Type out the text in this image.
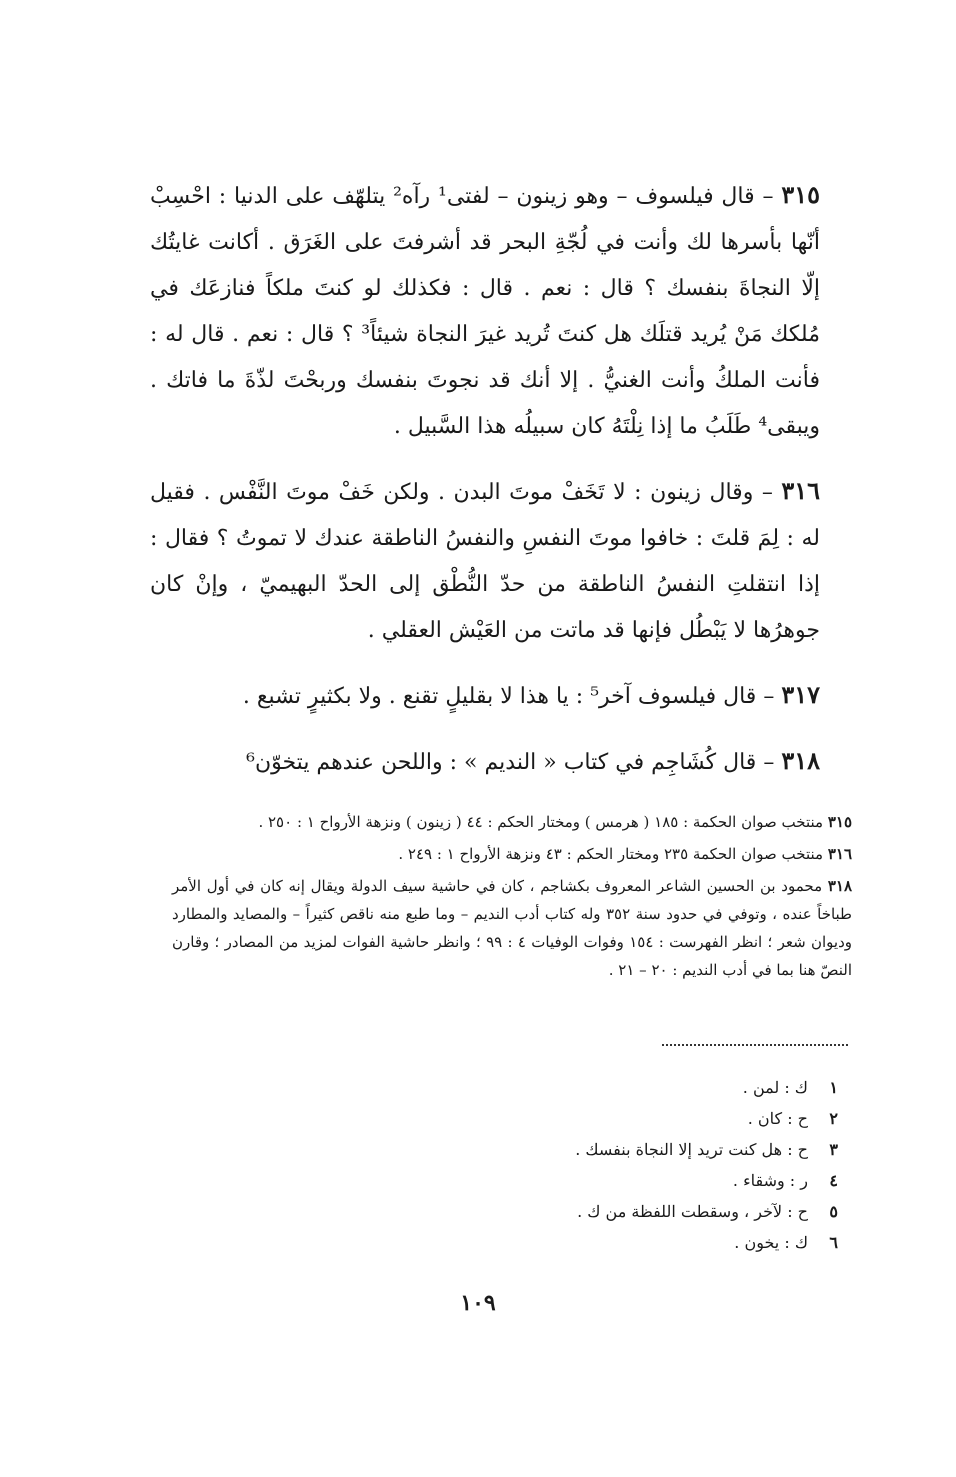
٣١٥ – قال فيلسوف – وهو زينون – لفتى¹ رآه² يتلهّف على الدنيا : احْسِبْ أنّها بأسرها لك وأنت في لُجّةِ البحر قد أشرفتَ على الغَرَق . أكانت غايتُك إلّا النجاةَ بنفسك ؟ قال : نعم . قال : فكذلك لو كنتَ ملكاً فنازعَك في مُلكك مَنْ يُريد قتلَك هل كنتَ تُريد غيرَ النجاة شيئاً³ ؟ قال : نعم . قال له : فأنت الملكُ وأنت الغنيُّ . إلا أنك قد نجوتَ بنفسك وربحْتَ لذّةَ ما فاتك . ويبقى⁴ طَلَبُ ما إذا نِلْتَهُ كان سبيلُه هذا السَّبيل .

٣١٦ – وقال زينون : لا تَخَفْ موتَ البدن . ولكن خَفْ موتَ النَّفْس . فقيل له : لِمَ قلتَ : خافوا موتَ النفسِ والنفسُ الناطقة عندك لا تموتُ ؟ فقال : إذا انتقلتِ النفسُ الناطقة من حدّ النُّطْق إلى الحدّ البهيميّ ، وإنْ كان جوهرُها لا يَبْطُل فإنها قد ماتت من العَيْش العقلي .

٣١٧ – قال فيلسوف آخر⁵ : يا هذا لا بقليلٍ تقنع . ولا بكثيرٍ تشبع .

٣١٨ – قال كُشَاجِم في كتاب « النديم » : واللحن عندهم يتخوّن⁶

٣١٥ منتخب صوان الحكمة : ١٨٥ ( هرمس ) ومختار الحكم : ٤٤ ( زينون ) ونزهة الأرواح ١ : ٢٥٠ .

٣١٦ منتخب صوان الحكمة ٢٣٥ ومختار الحكم : ٤٣ ونزهة الأرواح ١ : ٢٤٩ .

٣١٨ محمود بن الحسين الشاعر المعروف بكشاجم ، كان في حاشية سيف الدولة ويقال إنه كان في أول الأمر طباخاً عنده ، وتوفي في حدود سنة ٣٥٢ وله كتاب أدب النديم – وما طبع منه ناقص كثيراً – والمصايد والمطارد وديوان شعر ؛ انظر الفهرست : ١٥٤ وفوات الوفيات ٤ : ٩٩ ؛ وانظر حاشية الفوات لمزيد من المصادر ؛ وقارن النصّ هنا بما في أدب النديم : ٢٠ – ٢١ .

١
ك : لمن .
٢
ح : كان .
٣
ح : هل كنت تريد إلا النجاة بنفسك .
٤
ر : وشقاء .
٥
ح : لآخر ، وسقطت اللفظة من ك .
٦
ك : يخون .
١٠٩
